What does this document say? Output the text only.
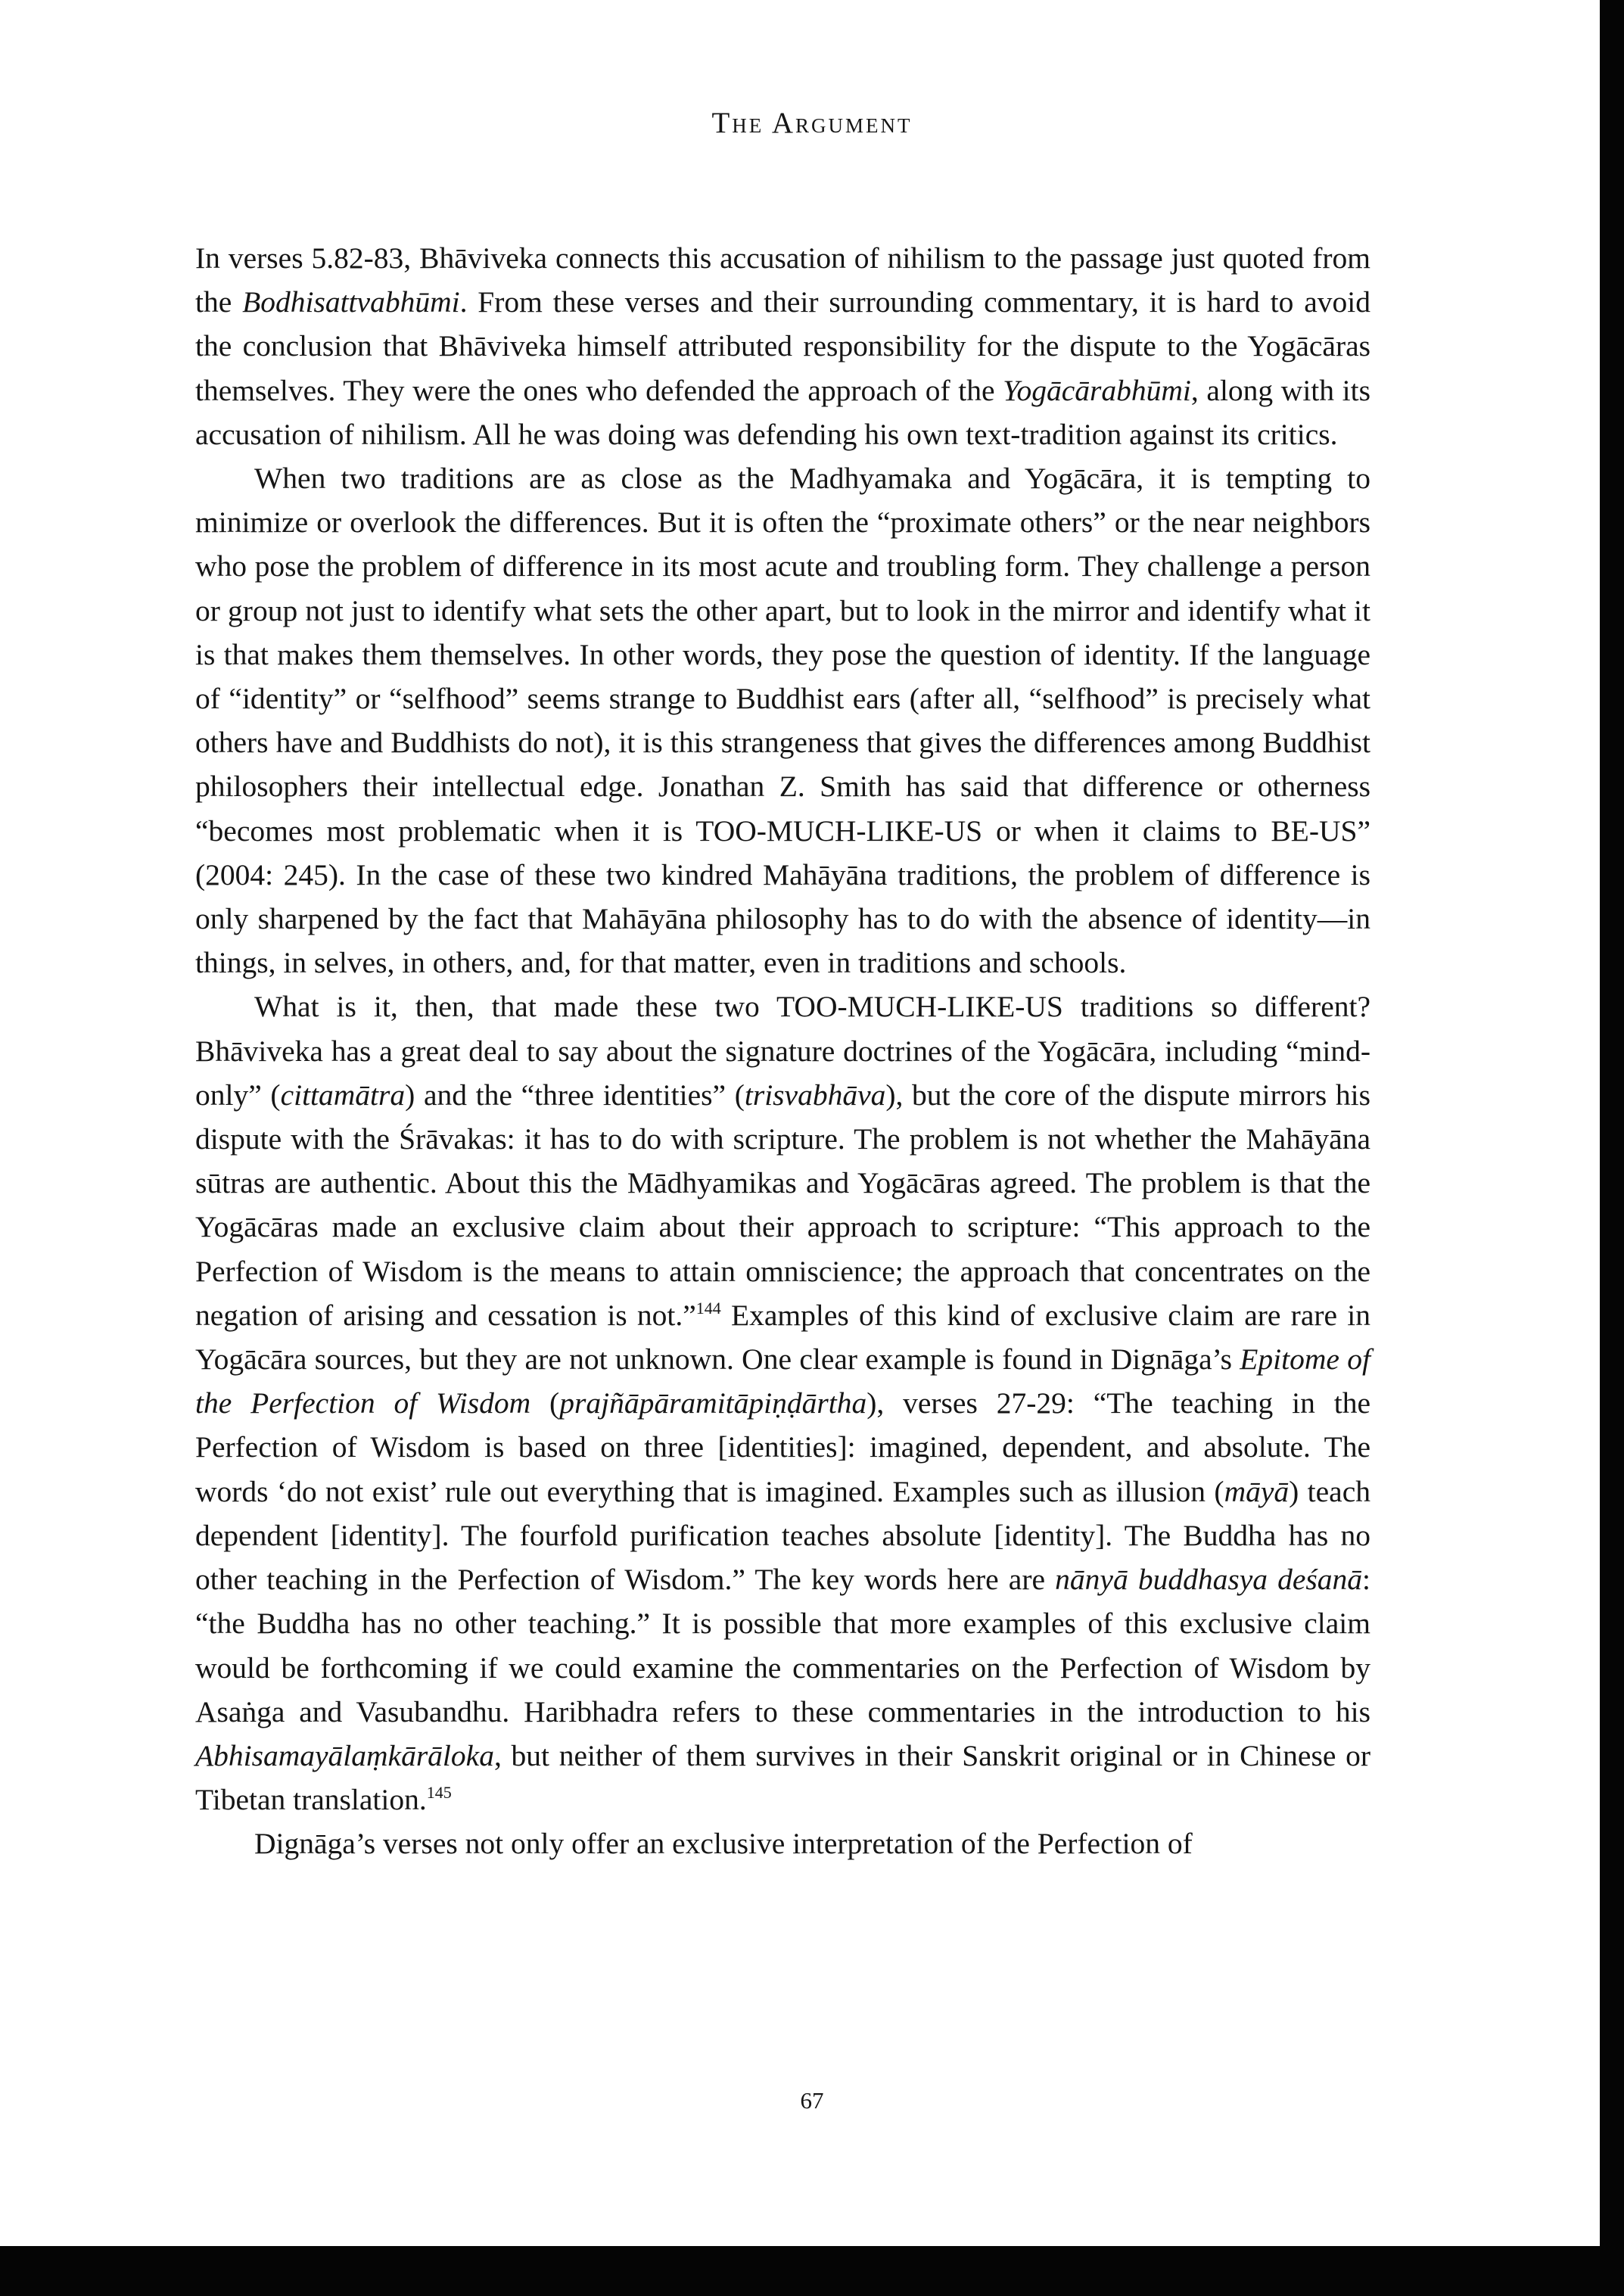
The Argument

In verses 5.82-83, Bhāviveka connects this accusation of nihilism to the passage just quoted from the Bodhisattvabhūmi. From these verses and their surrounding commentary, it is hard to avoid the conclusion that Bhāviveka himself attributed responsibility for the dispute to the Yogācāras themselves. They were the ones who defended the approach of the Yogācārabhūmi, along with its accusation of nihilism. All he was doing was defending his own text-tradition against its critics.

When two traditions are as close as the Madhyamaka and Yogācāra, it is tempting to minimize or overlook the differences. But it is often the “proximate others” or the near neighbors who pose the problem of difference in its most acute and troubling form. They challenge a person or group not just to identify what sets the other apart, but to look in the mirror and identify what it is that makes them themselves. In other words, they pose the question of identity. If the language of “identity” or “selfhood” seems strange to Buddhist ears (after all, “selfhood” is precisely what others have and Buddhists do not), it is this strangeness that gives the differences among Buddhist philosophers their intellectual edge. Jonathan Z. Smith has said that difference or otherness “becomes most problematic when it is TOO-MUCH-LIKE-US or when it claims to BE-US” (2004: 245). In the case of these two kindred Mahāyāna traditions, the problem of difference is only sharpened by the fact that Mahāyāna philosophy has to do with the absence of identity—in things, in selves, in others, and, for that matter, even in traditions and schools.

What is it, then, that made these two TOO-MUCH-LIKE-US traditions so different? Bhāviveka has a great deal to say about the signature doctrines of the Yogācāra, including “mind-only” (cittamātra) and the “three identities” (trisvabhāva), but the core of the dispute mirrors his dispute with the Śrāvakas: it has to do with scripture. The problem is not whether the Mahāyāna sūtras are authentic. About this the Mādhyamikas and Yogācāras agreed. The problem is that the Yogācāras made an exclusive claim about their approach to scripture: “This approach to the Perfection of Wisdom is the means to attain omniscience; the approach that concentrates on the negation of arising and cessation is not.”$^{144}$ Examples of this kind of exclusive claim are rare in Yogācāra sources, but they are not unknown. One clear example is found in Dignāga’s Epitome of the Perfection of Wisdom (prajñāpāramitāpiṇḍārtha), verses 27-29: “The teaching in the Perfection of Wisdom is based on three [identities]: imagined, dependent, and absolute. The words ‘do not exist’ rule out everything that is imagined. Examples such as illusion (māyā) teach dependent [identity]. The fourfold purification teaches absolute [identity]. The Buddha has no other teaching in the Perfection of Wisdom.” The key words here are nānyā buddhasya deśanā: “the Buddha has no other teaching.” It is possible that more examples of this exclusive claim would be forthcoming if we could examine the commentaries on the Perfection of Wisdom by Asaṅga and Vasubandhu. Haribhadra refers to these commentaries in the introduction to his Abhisamayālaṃkārāloka, but neither of them survives in their Sanskrit original or in Chinese or Tibetan translation.$^{145}$

Dignāga’s verses not only offer an exclusive interpretation of the Perfection of

67
